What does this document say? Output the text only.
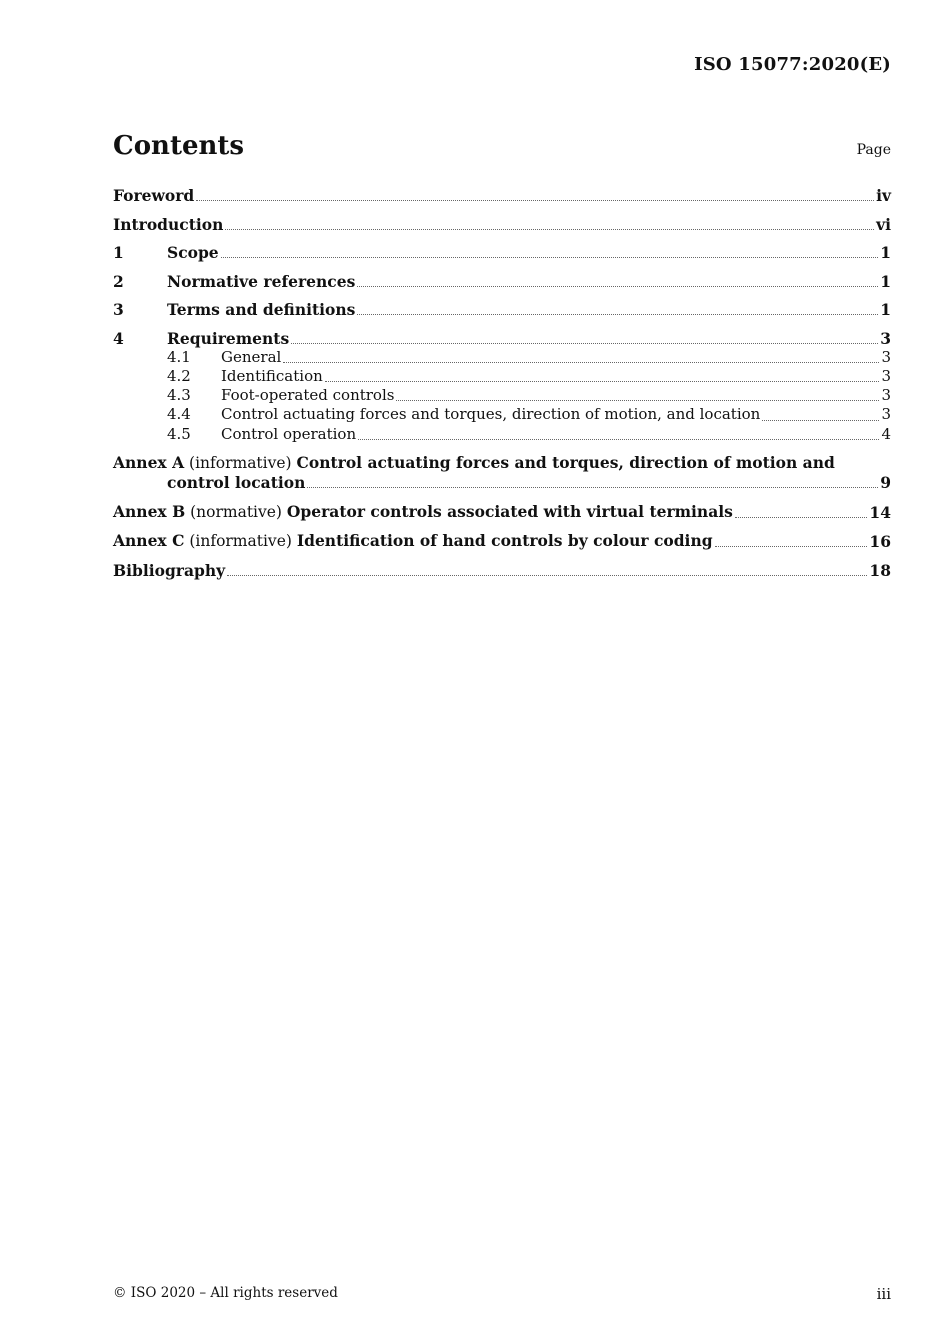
ISO 15077:2020(E)
Contents	Page
Foreword	iv
Introduction	vi
1	Scope	1
2	Normative references	1
3	Terms and definitions	1
4	Requirements	3
4.1	General	3
4.2	Identification	3
4.3	Foot-operated controls	3
4.4	Control actuating forces and torques, direction of motion, and location	3
4.5	Control operation	4
Annex A (informative) Control actuating forces and torques, direction of motion and
control location	9
Annex B (normative) Operator controls associated with virtual terminals	14
Annex C (informative) Identification of hand controls by colour coding	16
Bibliography	18
© ISO 2020 – All rights reserved	iii
